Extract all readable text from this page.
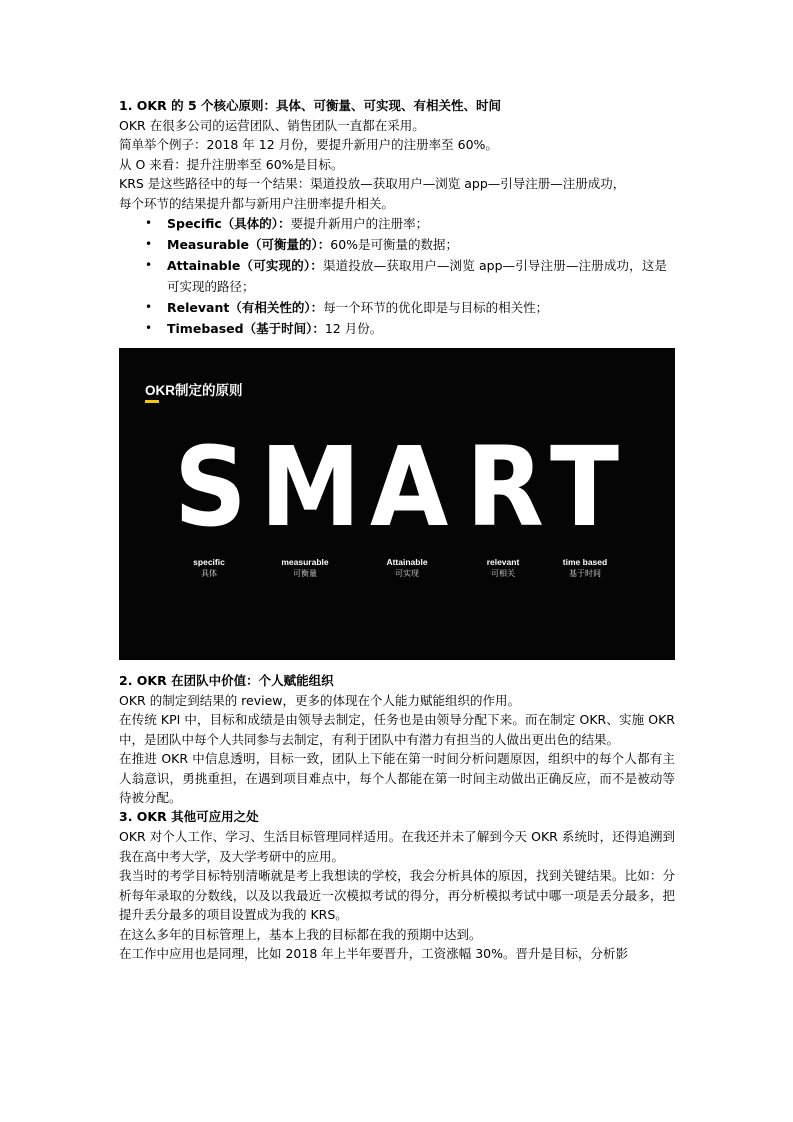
1. OKR 的 5 个核心原则：具体、可衡量、可实现、有相关性、时间

OKR 在很多公司的运营团队、销售团队一直都在采用。

简单举个例子：2018 年 12 月份，要提升新用户的注册率至 60%。

从 O 来看：提升注册率至 60%是目标。

KRS 是这些路径中的每一个结果：渠道投放—获取用户—浏览 app—引导注册—注册成功，

每个环节的结果提升都与新用户注册率提升相关。

• Specific（具体的）：要提升新用户的注册率；
• Measurable（可衡量的）：60%是可衡量的数据；
• Attainable（可实现的）：渠道投放—获取用户—浏览 app—引导注册—注册成功，这是可实现的路径；
• Relevant（有相关性的）：每一个环节的优化即是与目标的相关性；
• Timebased（基于时间）：12 月份。
OKR制定的原则
S M A R T
specific
具体
measurable
可衡量
Attainable
可实现
relevant
可相关
time based
基于时间

2. OKR 在团队中价值：个人赋能组织

OKR 的制定到结果的 review，更多的体现在个人能力赋能组织的作用。

在传统 KPI 中，目标和成绩是由领导去制定，任务也是由领导分配下来。而在制定 OKR、实施 OKR 中，是团队中每个人共同参与去制定，有利于团队中有潜力有担当的人做出更出色的结果。

在推进 OKR 中信息透明，目标一致，团队上下能在第一时间分析问题原因，组织中的每个人都有主人翁意识，勇挑重担，在遇到项目难点中，每个人都能在第一时间主动做出正确反应，而不是被动等待被分配。

3. OKR 其他可应用之处

OKR 对个人工作、学习、生活目标管理同样适用。在我还并未了解到今天 OKR 系统时，还得追溯到我在高中考大学，及大学考研中的应用。

我当时的考学目标特别清晰就是考上我想读的学校，我会分析具体的原因，找到关键结果。比如：分析每年录取的分数线，以及以我最近一次模拟考试的得分，再分析模拟考试中哪一项是丢分最多，把提升丢分最多的项目设置成为我的 KRS。

在这么多年的目标管理上，基本上我的目标都在我的预期中达到。

在工作中应用也是同理，比如 2018 年上半年要晋升，工资涨幅 30%。晋升是目标，分析影
